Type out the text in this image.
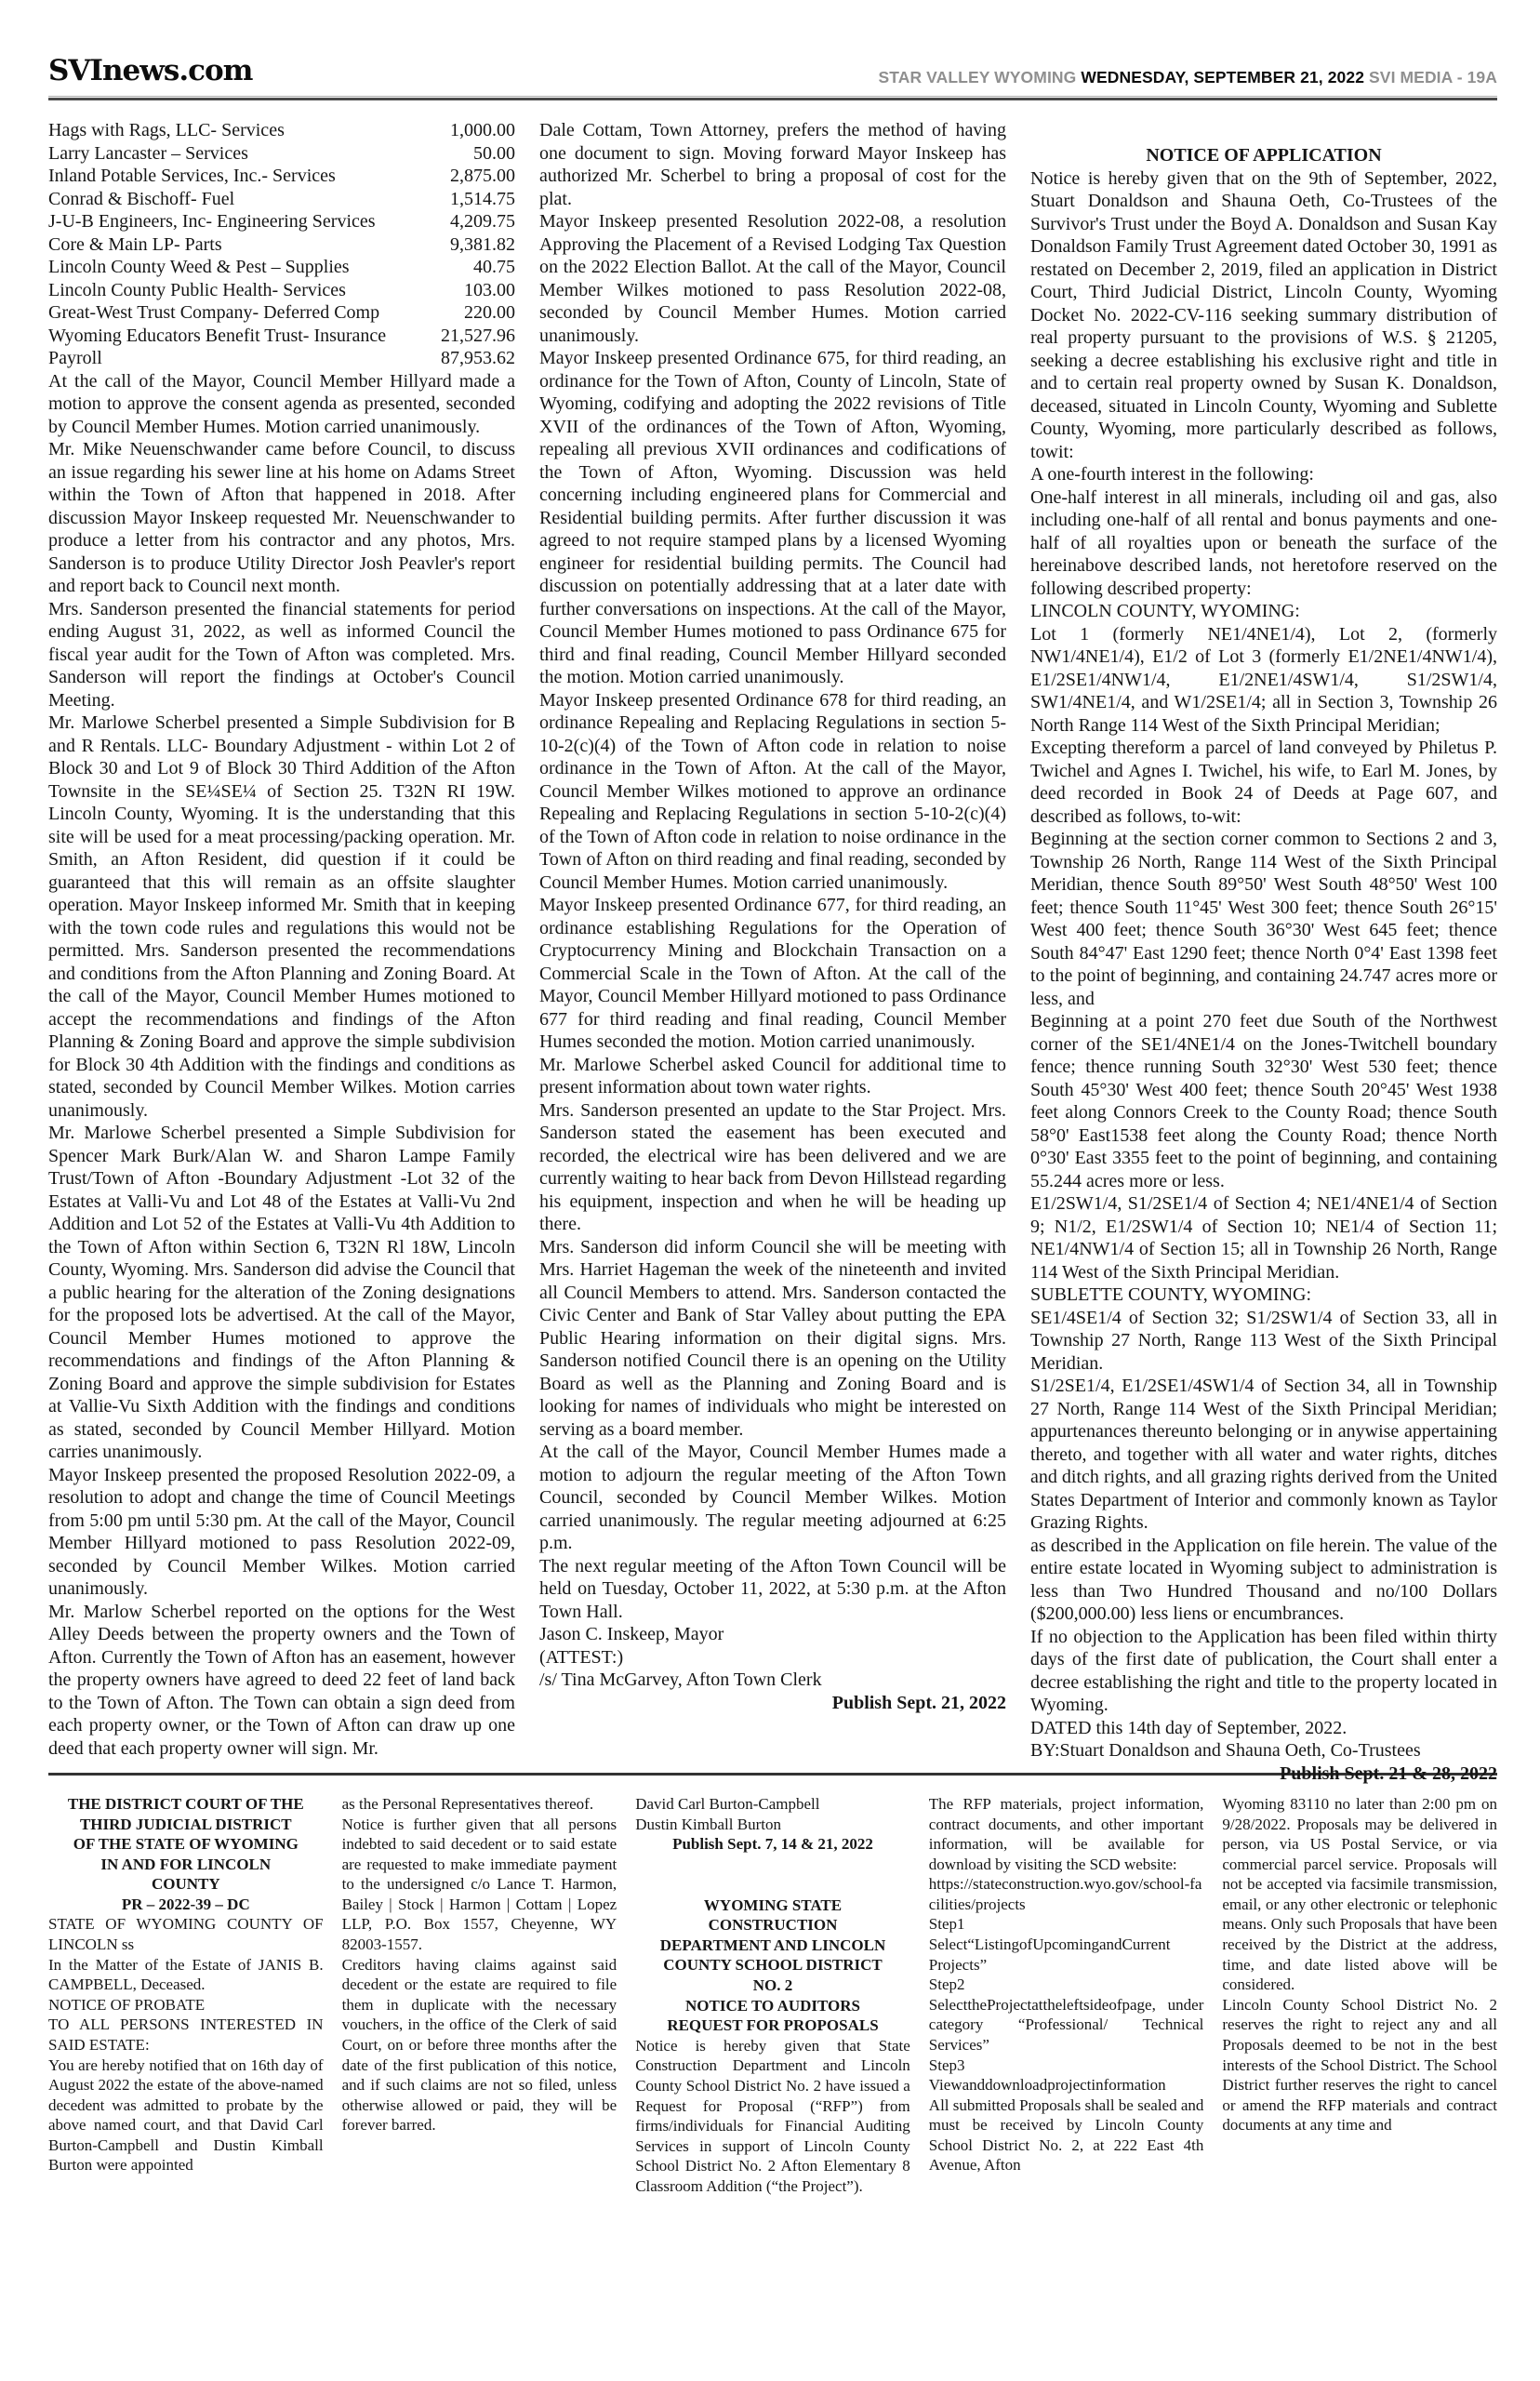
SVInews.com	STAR VALLEY WYOMING WEDNESDAY, SEPTEMBER 21, 2022 SVI MEDIA - 19A
Hags with Rags, LLC- Services	1,000.00
Larry Lancaster – Services	50.00
Inland Potable Services, Inc.- Services	2,875.00
Conrad & Bischoff- Fuel	1,514.75
J-U-B Engineers, Inc- Engineering Services	4,209.75
Core & Main LP- Parts	9,381.82
Lincoln County Weed & Pest – Supplies	40.75
Lincoln County Public Health- Services	103.00
Great-West Trust Company- Deferred Comp	220.00
Wyoming Educators Benefit Trust- Insurance	21,527.96
Payroll	87,953.62

At the call of the Mayor, Council Member Hillyard made a motion to approve the consent agenda as presented, seconded by Council Member Humes. Motion carried unanimously.

Mr. Mike Neuenschwander came before Council, to discuss an issue regarding his sewer line at his home on Adams Street within the Town of Afton that happened in 2018. After discussion Mayor Inskeep requested Mr. Neuenschwander to produce a letter from his contractor and any photos, Mrs. Sanderson is to produce Utility Director Josh Peavler's report and report back to Council next month.

Mrs. Sanderson presented the financial statements for period ending August 31, 2022, as well as informed Council the fiscal year audit for the Town of Afton was completed. Mrs. Sanderson will report the findings at October's Council Meeting.

Mr. Marlowe Scherbel presented a Simple Subdivision for B and R Rentals. LLC- Boundary Adjustment - within Lot 2 of Block 30 and Lot 9 of Block 30 Third Addition of the Afton Townsite in the SE¼SE¼ of Section 25. T32N RI 19W. Lincoln County, Wyoming. It is the understanding that this site will be used for a meat processing/packing operation. Mr. Smith, an Afton Resident, did question if it could be guaranteed that this will remain as an offsite slaughter operation. Mayor Inskeep informed Mr. Smith that in keeping with the town code rules and regulations this would not be permitted. Mrs. Sanderson presented the recommendations and conditions from the Afton Planning and Zoning Board. At the call of the Mayor, Council Member Humes motioned to accept the recommendations and findings of the Afton Planning & Zoning Board and approve the simple subdivision for Block 30 4th Addition with the findings and conditions as stated, seconded by Council Member Wilkes. Motion carries unanimously.

Mr. Marlowe Scherbel presented a Simple Subdivision for Spencer Mark Burk/Alan W. and Sharon Lampe Family Trust/Town of Afton -Boundary Adjustment -Lot 32 of the Estates at Valli-Vu and Lot 48 of the Estates at Valli-Vu 2nd Addition and Lot 52 of the Estates at Valli-Vu 4th Addition to the Town of Afton within Section 6, T32N Rl 18W, Lincoln County, Wyoming. Mrs. Sanderson did advise the Council that a public hearing for the alteration of the Zoning designations for the proposed lots be advertised. At the call of the Mayor, Council Member Humes motioned to approve the recommendations and findings of the Afton Planning & Zoning Board and approve the simple subdivision for Estates at Vallie-Vu Sixth Addition with the findings and conditions as stated, seconded by Council Member Hillyard. Motion carries unanimously.

Mayor Inskeep presented the proposed Resolution 2022-09, a resolution to adopt and change the time of Council Meetings from 5:00 pm until 5:30 pm. At the call of the Mayor, Council Member Hillyard motioned to pass Resolution 2022-09, seconded by Council Member Wilkes. Motion carried unanimously.

Mr. Marlow Scherbel reported on the options for the West Alley Deeds between the property owners and the Town of Afton. Currently the Town of Afton has an easement, however the property owners have agreed to deed 22 feet of land back to the Town of Afton. The Town can obtain a sign deed from each property owner, or the Town of Afton can draw up one deed that each property owner will sign. Mr.

Dale Cottam, Town Attorney, prefers the method of having one document to sign. Moving forward Mayor Inskeep has authorized Mr. Scherbel to bring a proposal of cost for the plat.

Mayor Inskeep presented Resolution 2022-08, a resolution Approving the Placement of a Revised Lodging Tax Question on the 2022 Election Ballot. At the call of the Mayor, Council Member Wilkes motioned to pass Resolution 2022-08, seconded by Council Member Humes. Motion carried unanimously.

Mayor Inskeep presented Ordinance 675, for third reading, an ordinance for the Town of Afton, County of Lincoln, State of Wyoming, codifying and adopting the 2022 revisions of Title XVII of the ordinances of the Town of Afton, Wyoming, repealing all previous XVII ordinances and codifications of the Town of Afton, Wyoming. Discussion was held concerning including engineered plans for Commercial and Residential building permits. After further discussion it was agreed to not require stamped plans by a licensed Wyoming engineer for residential building permits. The Council had discussion on potentially addressing that at a later date with further conversations on inspections. At the call of the Mayor, Council Member Humes motioned to pass Ordinance 675 for third and final reading, Council Member Hillyard seconded the motion. Motion carried unanimously.

Mayor Inskeep presented Ordinance 678 for third reading, an ordinance Repealing and Replacing Regulations in section 5-10-2(c)(4) of the Town of Afton code in relation to noise ordinance in the Town of Afton. At the call of the Mayor, Council Member Wilkes motioned to approve an ordinance Repealing and Replacing Regulations in section 5-10-2(c)(4) of the Town of Afton code in relation to noise ordinance in the Town of Afton on third reading and final reading, seconded by Council Member Humes. Motion carried unanimously.

Mayor Inskeep presented Ordinance 677, for third reading, an ordinance establishing Regulations for the Operation of Cryptocurrency Mining and Blockchain Transaction on a Commercial Scale in the Town of Afton. At the call of the Mayor, Council Member Hillyard motioned to pass Ordinance 677 for third reading and final reading, Council Member Humes seconded the motion. Motion carried unanimously.

Mr. Marlowe Scherbel asked Council for additional time to present information about town water rights.

Mrs. Sanderson presented an update to the Star Project. Mrs. Sanderson stated the easement has been executed and recorded, the electrical wire has been delivered and we are currently waiting to hear back from Devon Hillstead regarding his equipment, inspection and when he will be heading up there.

Mrs. Sanderson did inform Council she will be meeting with Mrs. Harriet Hageman the week of the nineteenth and invited all Council Members to attend. Mrs. Sanderson contacted the Civic Center and Bank of Star Valley about putting the EPA Public Hearing information on their digital signs. Mrs. Sanderson notified Council there is an opening on the Utility Board as well as the Planning and Zoning Board and is looking for names of individuals who might be interested on serving as a board member.

At the call of the Mayor, Council Member Humes made a motion to adjourn the regular meeting of the Afton Town Council, seconded by Council Member Wilkes. Motion carried unanimously. The regular meeting adjourned at 6:25 p.m.

The next regular meeting of the Afton Town Council will be held on Tuesday, October 11, 2022, at 5:30 p.m. at the Afton Town Hall.

Jason C. Inskeep, Mayor

(ATTEST:)

/s/ Tina McGarvey, Afton Town Clerk

Publish Sept. 21, 2022

NOTICE OF APPLICATION

Notice is hereby given that on the 9th of September, 2022, Stuart Donaldson and Shauna Oeth, Co-Trustees of the Survivor's Trust under the Boyd A. Donaldson and Susan Kay Donaldson Family Trust Agreement dated October 30, 1991 as restated on December 2, 2019, filed an application in District Court, Third Judicial District, Lincoln County, Wyoming Docket No. 2022-CV-116 seeking summary distribution of real property pursuant to the provisions of W.S. § 21205, seeking a decree establishing his exclusive right and title in and to certain real property owned by Susan K. Donaldson, deceased, situated in Lincoln County, Wyoming and Sublette County, Wyoming, more particularly described as follows, towit:

A one-fourth interest in the following:

One-half interest in all minerals, including oil and gas, also including one-half of all rental and bonus payments and one-half of all royalties upon or beneath the surface of the hereinabove described lands, not heretofore reserved on the following described property:

LINCOLN COUNTY, WYOMING:

Lot 1 (formerly NE1/4NE1/4), Lot 2, (formerly NW1/4NE1/4), E1/2 of Lot 3 (formerly E1/2NE1/4NW1/4), E1/2SE1/4NW1/4, E1/2NE1/4SW1/4, S1/2SW1/4, SW1/4NE1/4, and W1/2SE1/4; all in Section 3, Township 26 North Range 114 West of the Sixth Principal Meridian;

Excepting thereform a parcel of land conveyed by Philetus P. Twichel and Agnes I. Twichel, his wife, to Earl M. Jones, by deed recorded in Book 24 of Deeds at Page 607, and described as follows, to-wit:

Beginning at the section corner common to Sections 2 and 3, Township 26 North, Range 114 West of the Sixth Principal Meridian, thence South 89°50' West South 48°50' West 100 feet; thence South 11°45' West 300 feet; thence South 26°15' West 400 feet; thence South 36°30' West 645 feet; thence South 84°47' East 1290 feet; thence North 0°4' East 1398 feet to the point of beginning, and containing 24.747 acres more or less, and

Beginning at a point 270 feet due South of the Northwest corner of the SE1/4NE1/4 on the Jones-Twitchell boundary fence; thence running South 32°30' West 530 feet; thence South 45°30' West 400 feet; thence South 20°45' West 1938 feet along Connors Creek to the County Road; thence South 58°0' East1538 feet along the County Road; thence North 0°30' East 3355 feet to the point of beginning, and containing 55.244 acres more or less.

E1/2SW1/4, S1/2SE1/4 of Section 4; NE1/4NE1/4 of Section 9; N1/2, E1/2SW1/4 of Section 10; NE1/4 of Section 11; NE1/4NW1/4 of Section 15; all in Township 26 North, Range 114 West of the Sixth Principal Meridian.

SUBLETTE COUNTY, WYOMING:

SE1/4SE1/4 of Section 32; S1/2SW1/4 of Section 33, all in Township 27 North, Range 113 West of the Sixth Principal Meridian.

S1/2SE1/4, E1/2SE1/4SW1/4 of Section 34, all in Township 27 North, Range 114 West of the Sixth Principal Meridian; appurtenances thereunto belonging or in anywise appertaining thereto, and together with all water and water rights, ditches and ditch rights, and all grazing rights derived from the United States Department of Interior and commonly known as Taylor Grazing Rights.

as described in the Application on file herein. The value of the entire estate located in Wyoming subject to administration is less than Two Hundred Thousand and no/100 Dollars ($200,000.00) less liens or encumbrances.

If no objection to the Application has been filed within thirty days of the first date of publication, the Court shall enter a decree establishing the right and title to the property located in Wyoming.

DATED this 14th day of September, 2022.

BY:Stuart Donaldson and Shauna Oeth, Co-Trustees

Publish Sept. 21 & 28, 2022

THE DISTRICT COURT OF THE

THIRD JUDICIAL DISTRICT

OF THE STATE OF WYOMING

IN AND FOR LINCOLN

COUNTY

PR – 2022-39 – DC

STATE OF WYOMING COUNTY OF LINCOLN ss

In the Matter of the Estate of JANIS B. CAMPBELL, Deceased.

NOTICE OF PROBATE

TO ALL PERSONS INTERESTED IN SAID ESTATE:

You are hereby notified that on 16th day of August 2022 the estate of the above-named decedent was admitted to probate by the above named court, and that David Carl Burton-Campbell and Dustin Kimball Burton were appointed

as the Personal Representatives thereof.

Notice is further given that all persons indebted to said decedent or to said estate are requested to make immediate payment to the undersigned c/o Lance T. Harmon, Bailey | Stock | Harmon | Cottam | Lopez LLP, P.O. Box 1557, Cheyenne, WY 82003-1557.

Creditors having claims against said decedent or the estate are required to file them in duplicate with the necessary vouchers, in the office of the Clerk of said Court, on or before three months after the date of the first publication of this notice, and if such claims are not so filed, unless otherwise allowed or paid, they will be forever barred.

David Carl Burton-Campbell

Dustin Kimball Burton

Publish Sept. 7, 14 & 21, 2022

WYOMING STATE

CONSTRUCTION

DEPARTMENT AND LINCOLN

COUNTY SCHOOL DISTRICT

NO. 2

NOTICE TO AUDITORS

REQUEST FOR PROPOSALS

Notice is hereby given that State Construction Department and Lincoln County School District No. 2 have issued a Request for Proposal (“RFP”) from firms/individuals for Financial Auditing Services in support of Lincoln County School District No. 2 Afton Elementary 8 Classroom Addition (“the Project”).

The RFP materials, project information, contract documents, and other important information, will be available for download by visiting the SCD website:

https://stateconstruction.wyo.gov/school-facilities/projects

Step1

Select“ListingofUpcomingandCurrent Projects”

Step2

SelecttheProjectattheleftsideofpage, under category “Professional/ Technical Services”

Step3

Viewanddownloadprojectinformation

All submitted Proposals shall be sealed and must be received by Lincoln County School District No. 2, at 222 East 4th Avenue, Afton

Wyoming 83110 no later than 2:00 pm on 9/28/2022. Proposals may be delivered in person, via US Postal Service, or via commercial parcel service. Proposals will not be accepted via facsimile transmission, email, or any other electronic or telephonic means. Only such Proposals that have been received by the District at the address, time, and date listed above will be considered.

Lincoln County School District No. 2 reserves the right to reject any and all Proposals deemed to be not in the best interests of the School District. The School District further reserves the right to cancel or amend the RFP materials and contract documents at any time and
